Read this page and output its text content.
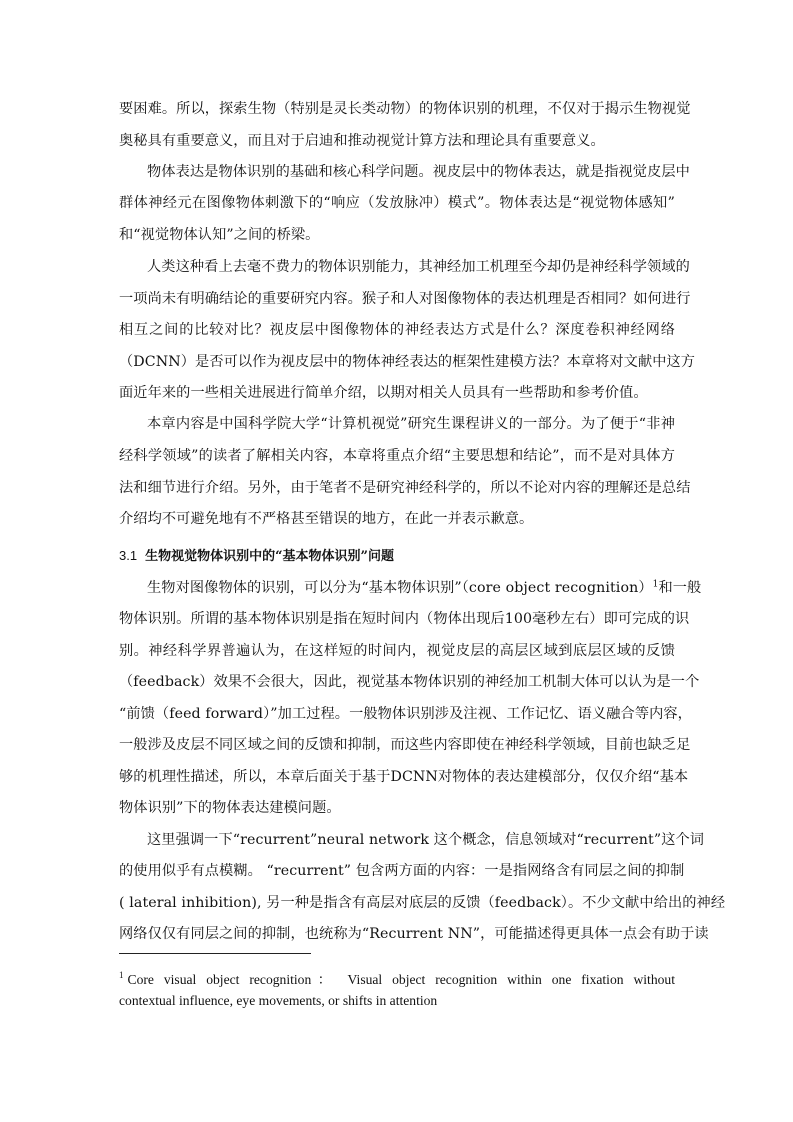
要困难。所以，探索生物（特别是灵长类动物）的物体识别的机理，不仅对于揭示生物视觉
奥秘具有重要意义，而且对于启迪和推动视觉计算方法和理论具有重要意义。
物体表达是物体识别的基础和核心科学问题。视皮层中的物体表达，就是指视觉皮层中
群体神经元在图像物体刺激下的“响应（发放脉冲）模式”。物体表达是“视觉物体感知”
和“视觉物体认知”之间的桥梁。
人类这种看上去毫不费力的物体识别能力，其神经加工机理至今却仍是神经科学领域的
一项尚未有明确结论的重要研究内容。猴子和人对图像物体的表达机理是否相同？如何进行
相互之间的比较对比？视皮层中图像物体的神经表达方式是什么？深度卷积神经网络
（DCNN）是否可以作为视皮层中的物体神经表达的框架性建模方法？本章将对文献中这方
面近年来的一些相关进展进行简单介绍，以期对相关人员具有一些帮助和参考价值。
本章内容是中国科学院大学“计算机视觉”研究生课程讲义的一部分。为了便于“非神
经科学领域”的读者了解相关内容，本章将重点介绍“主要思想和结论”，而不是对具体方
法和细节进行介绍。另外，由于笔者不是研究神经科学的，所以不论对内容的理解还是总结
介绍均不可避免地有不严格甚至错误的地方，在此一并表示歉意。
3.1 生物视觉物体识别中的“基本物体识别”问题
生物对图像物体的识别，可以分为“基本物体识别”（core object recognition）$^1$和一般
物体识别。所谓的基本物体识别是指在短时间内（物体出现后100毫秒左右）即可完成的识
别。神经科学界普遍认为，在这样短的时间内，视觉皮层的高层区域到底层区域的反馈
（feedback）效果不会很大，因此，视觉基本物体识别的神经加工机制大体可以认为是一个
“前馈（feed forward）”加工过程。一般物体识别涉及注视、工作记忆、语义融合等内容，
一般涉及皮层不同区域之间的反馈和抑制，而这些内容即使在神经科学领域，目前也缺乏足
够的机理性描述，所以，本章后面关于基于DCNN对物体的表达建模部分，仅仅介绍“基本
物体识别”下的物体表达建模问题。
这里强调一下“recurrent”neural network 这个概念，信息领域对“recurrent”这个词
的使用似乎有点模糊。 “recurrent” 包含两方面的内容：一是指网络含有同层之间的抑制
( lateral inhibition), 另一种是指含有高层对底层的反馈（feedback）。不少文献中给出的神经
网络仅仅有同层之间的抑制，也统称为“Recurrent NN”，可能描述得更具体一点会有助于读
$^1$ Core visual object recognition： Visual object recognition within one fixation without
contextual influence, eye movements, or shifts in attention
